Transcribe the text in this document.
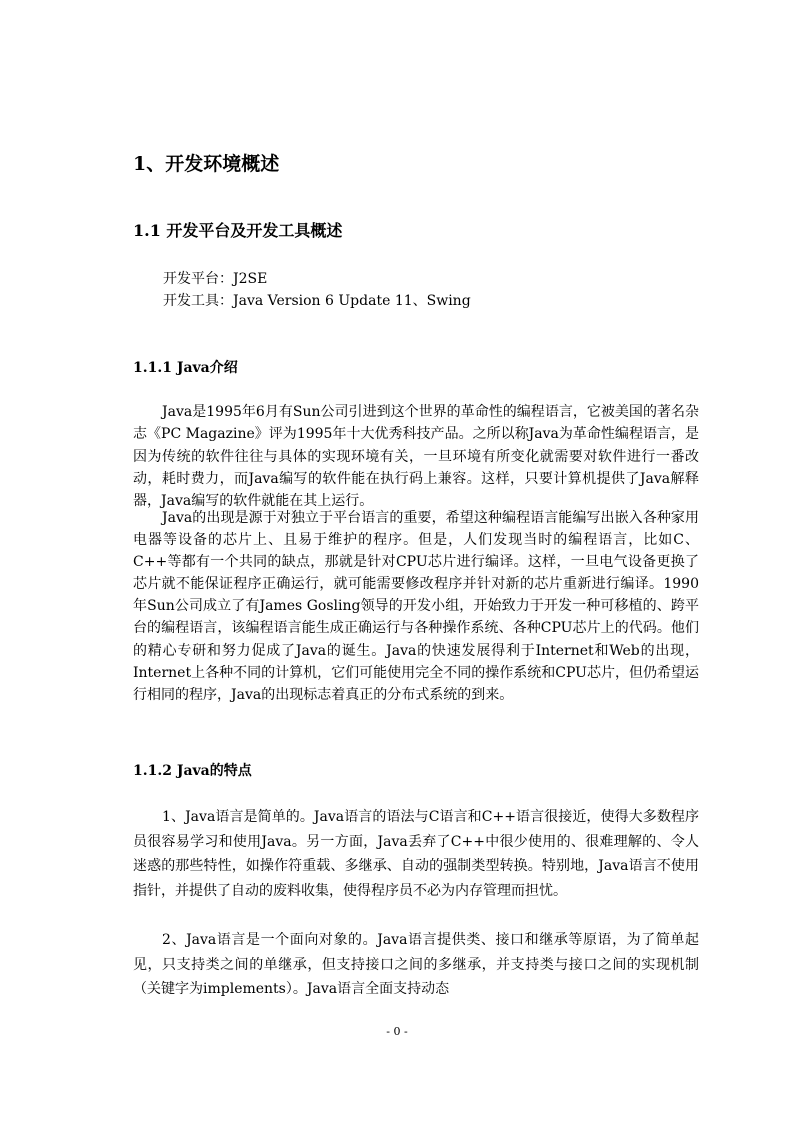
1、开发环境概述
1.1 开发平台及开发工具概述
开发平台：J2SE
开发工具：Java Version 6 Update 11、Swing
1.1.1 Java介绍

Java是1995年6月有Sun公司引进到这个世界的革命性的编程语言，它被美国的著名杂志《PC Magazine》评为1995年十大优秀科技产品。之所以称Java为革命性编程语言，是因为传统的软件往往与具体的实现环境有关，一旦环境有所变化就需要对软件进行一番改动，耗时费力，而Java编写的软件能在执行码上兼容。这样，只要计算机提供了Java解释器，Java编写的软件就能在其上运行。

Java的出现是源于对独立于平台语言的重要，希望这种编程语言能编写出嵌入各种家用电器等设备的芯片上、且易于维护的程序。但是，人们发现当时的编程语言，比如C、C++等都有一个共同的缺点，那就是针对CPU芯片进行编译。这样，一旦电气设备更换了芯片就不能保证程序正确运行，就可能需要修改程序并针对新的芯片重新进行编译。1990年Sun公司成立了有James Gosling领导的开发小组，开始致力于开发一种可移植的、跨平台的编程语言，该编程语言能生成正确运行与各种操作系统、各种CPU芯片上的代码。他们的精心专研和努力促成了Java的诞生。Java的快速发展得利于Internet和Web的出现，Internet上各种不同的计算机，它们可能使用完全不同的操作系统和CPU芯片，但仍希望运行相同的程序，Java的出现标志着真正的分布式系统的到来。

1.1.2 Java的特点

1、Java语言是简单的。Java语言的语法与C语言和C++语言很接近，使得大多数程序员很容易学习和使用Java。另一方面，Java丢弃了C++中很少使用的、很难理解的、令人迷惑的那些特性，如操作符重载、多继承、自动的强制类型转换。特别地，Java语言不使用指针，并提供了自动的废料收集，使得程序员不必为内存管理而担忧。

2、Java语言是一个面向对象的。Java语言提供类、接口和继承等原语，为了简单起见，只支持类之间的单继承，但支持接口之间的多继承，并支持类与接口之间的实现机制（关键字为implements）。Java语言全面支持动态

- 0 -
